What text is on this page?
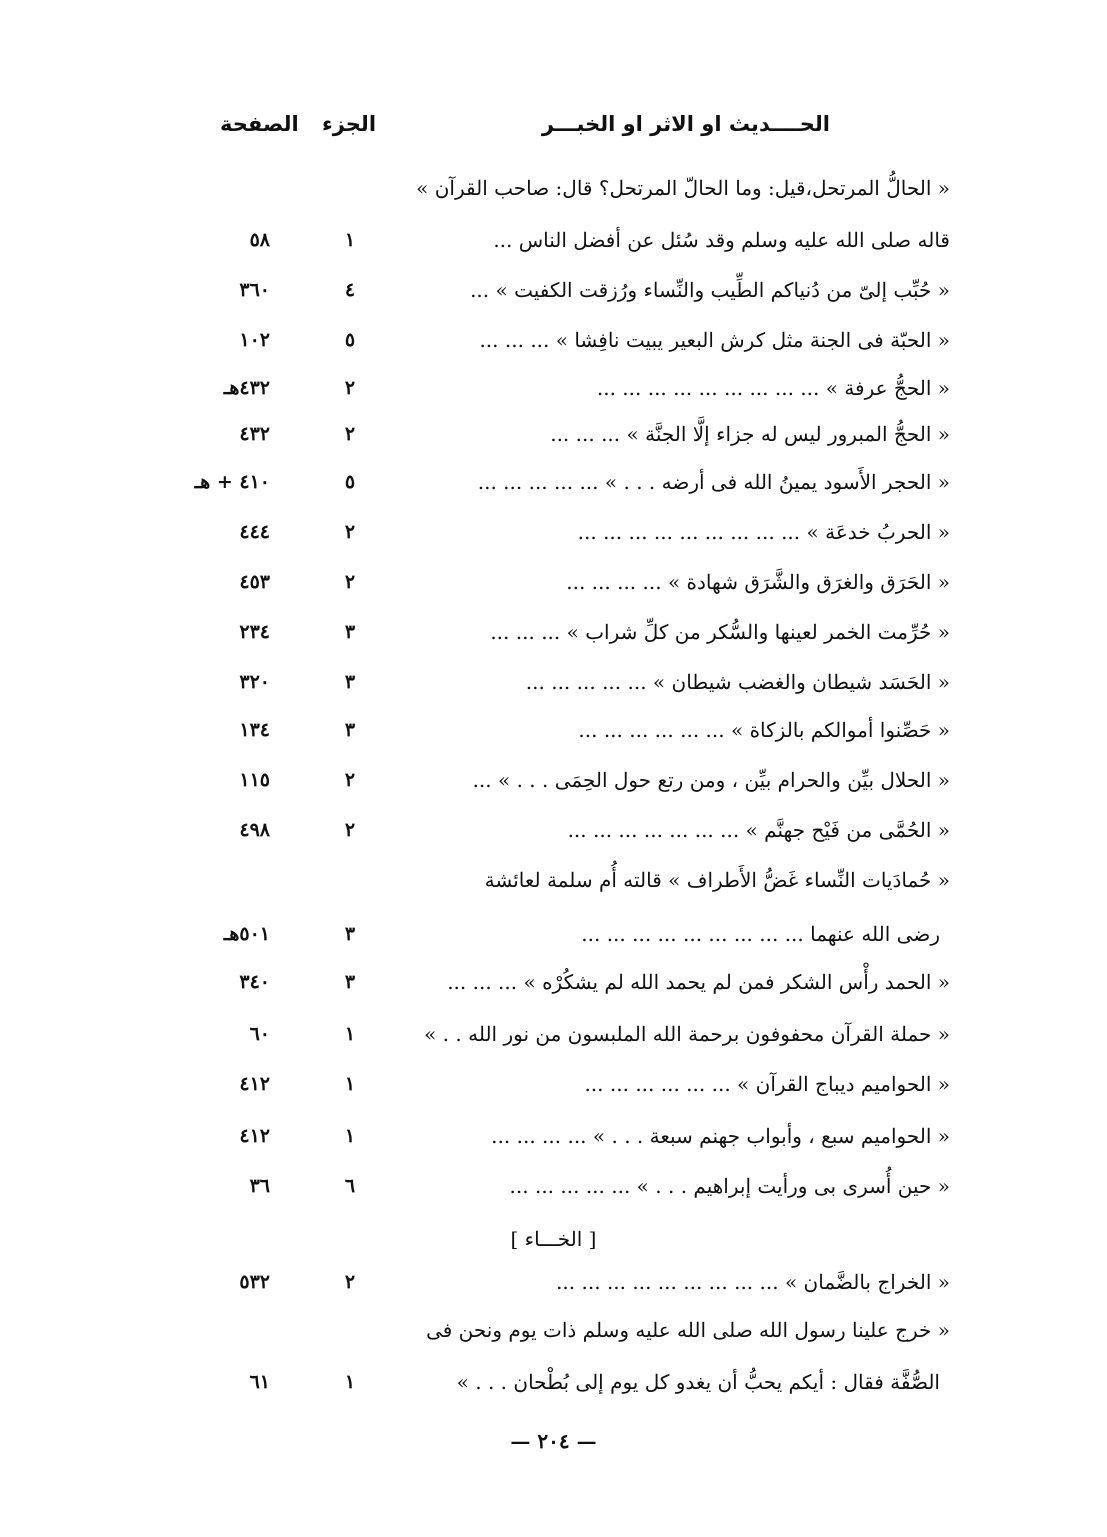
الحــــديث او الاثر او الخبـــر
الجزء
الصفحة
« الحالُّ المرتحل،قيل: وما الحالّ المرتحل؟ قال: صاحب القرآن »
قاله صلى الله عليه وسلم وقد سُئل عن أفضل الناس ...
١
٥٨
« حُبِّب إلىّ من دُنياكم الطِّيب والنِّساء ورُزقت الكفيت » ...
٤
٣٦٠
« الحبّة فى الجنة مثل كرش البعير يبيت نافِشا » ... ... ...
٥
١٠٢
« الحجُّ عرفة » ... ... ... ... ... ... ... ... ...
٢
٤٣٢هـ
« الحجُّ المبرور ليس له جزاء إلَّا الجنَّة » ... ... ...
٢
٤٣٢
« الحجر الأَسود يمينُ الله فى أرضه . . . » ... ... ... ... ...
٥
٤١٠ + هـ
« الحربُ خدعَة » ... ... ... ... ... ... ... ... ...
٢
٤٤٤
« الحَرَق والغرَق والشَّرَق شهادة » ... ... ... ...
٢
٤٥٣
« حُرِّمت الخمر لعينها والسُّكر من كلِّ شراب » ... ... ...
٣
٢٣٤
« الحَسَد شيطان والغضب شيطان » ... ... ... ... ...
٣
٣٢٠
« حَصِّنوا أموالكم بالزكاة » ... ... ... ... ... ...
٣
١٣٤
« الحلال بيِّن والحرام بيِّن ، ومن رتع حول الحِمَى . . . » ...
٢
١١٥
« الحُمَّى من فَيْح جهنَّم » ... ... ... ... ... ... ...
٢
٤٩٨
« حُمادَيات النِّساء غَضُّ الأَطراف » قالته أُم سلمة لعائشة
رضى الله عنهما ... ... ... ... ... ... ... ... ...
٣
٥٠١هـ
« الحمد رأْس الشكر فمن لم يحمد الله لم يشكُرْه » ... ... ...
٣
٣٤٠
« حملة القرآن محفوفون برحمة الله الملبسون من نور الله . . »
١
٦٠
« الحواميم ديباج القرآن » ... ... ... ... ... ...
١
٤١٢
« الحواميم سبع ، وأبواب جهنم سبعة . . . » ... ... ... ...
١
٤١٢
« حين أُسرى بى ورأيت إبراهيم . . . » ... ... ... ... ...
٦
٣٦
« الخراج بالضَّمان » ... ... ... ... ... ... ... ... ...
٢
٥٣٢
« خرج علينا رسول الله صلى الله عليه وسلم ذات يوم ونحن فى
الصُّفَّة فقال : أيكم يحبُّ أن يغدو كل يوم إلى بُطْحان . . . »
١
٦١
[ الخـــاء ]
— ٢٠٤ —
